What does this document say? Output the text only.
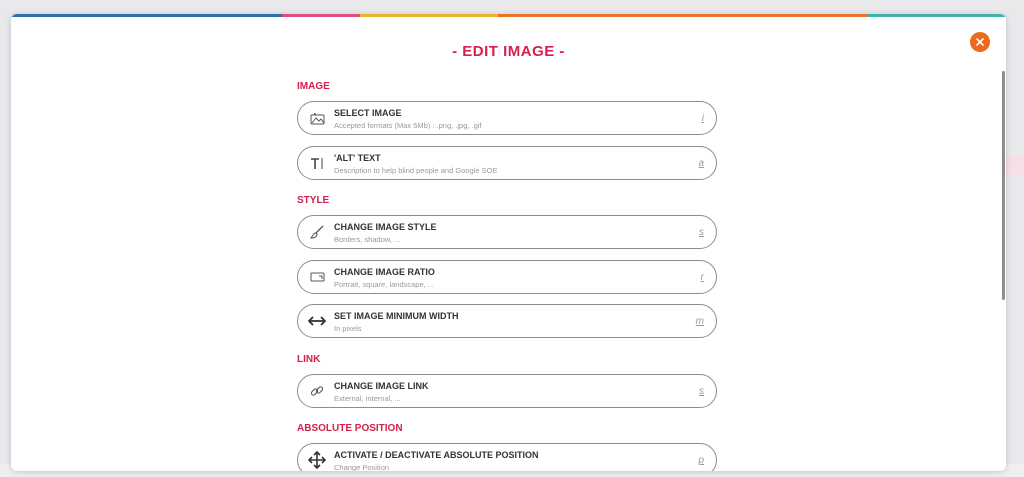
- EDIT IMAGE -
IMAGE
SELECT IMAGE
Accepted formats (Max 5Mb) : .png, .jpg, .gif
i
'ALT' TEXT
Description to help blind people and Google SOE
a
STYLE
CHANGE IMAGE STYLE
Borders, shadow, ...
s
CHANGE IMAGE RATIO
Portrait, square, landscape, ...
r
SET IMAGE MINIMUM WIDTH
In pixels
m
LINK
CHANGE IMAGE LINK
External, internal, ...
s
ABSOLUTE POSITION
ACTIVATE / DEACTIVATE ABSOLUTE POSITION
Change Position
p
